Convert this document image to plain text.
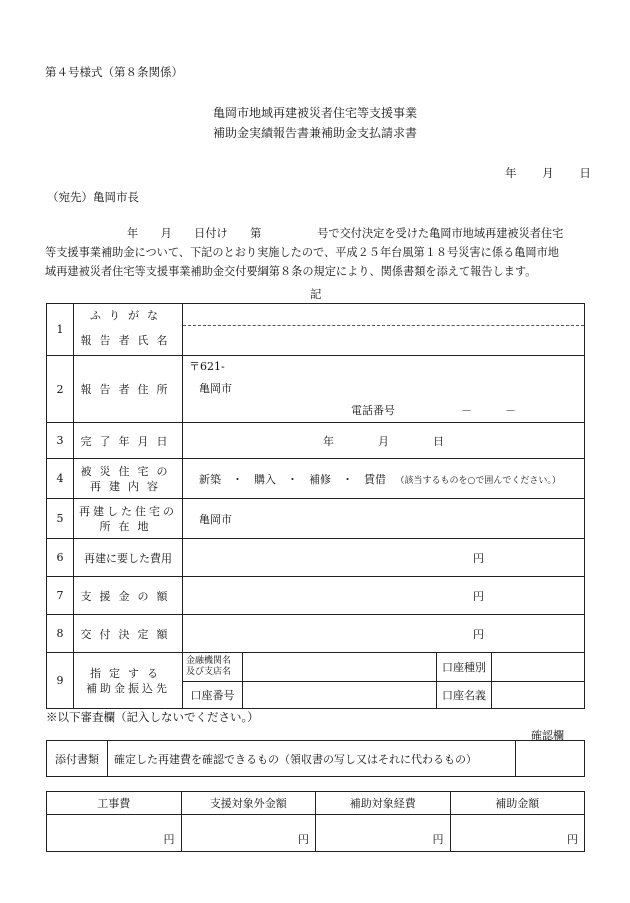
第４号様式（第８条関係）
亀岡市地域再建被災者住宅等支援事業
補助金実績報告書兼補助金支払請求書
年 月 日
（宛先）亀岡市長
年　　月　　日付け　　第　　　　　号で交付決定を受けた亀岡市地域再建被災者住宅
等支援事業補助金について、下記のとおり実施したので、平成２５年台風第１８号災害に係る亀岡市地
域再建被災者住宅等支援事業補助金交付要綱第８条の規定により、関係書類を添えて報告します。
記
1	ふりがな	
報告者氏名	
2	報告者住所	
〒621-
亀岡市
電話番号	－　　　－

3	完了年月日	年　　　　月　　　　日
4	
被災住宅の
再建内容
	新築　・　購入　・　補修　・　賃借 （該当するものを○で囲んでください。）
5	
再建した住宅の
所在地
	亀岡市
6	再建に要した費用	円
7	支援金の額	円
8	交付決定額	円
9	
指定する
補助金振込先

金融機関名
及び支店名		口座種別	
口座番号		口座名義	
※以下審査欄（記入しないでください。）
確認欄
添付書類	確定した再建費を確認できるもの（領収書の写し又はそれに代わるもの）	
工事費	支援対象外金額	補助対象経費	補助金額
円	円	円	円
